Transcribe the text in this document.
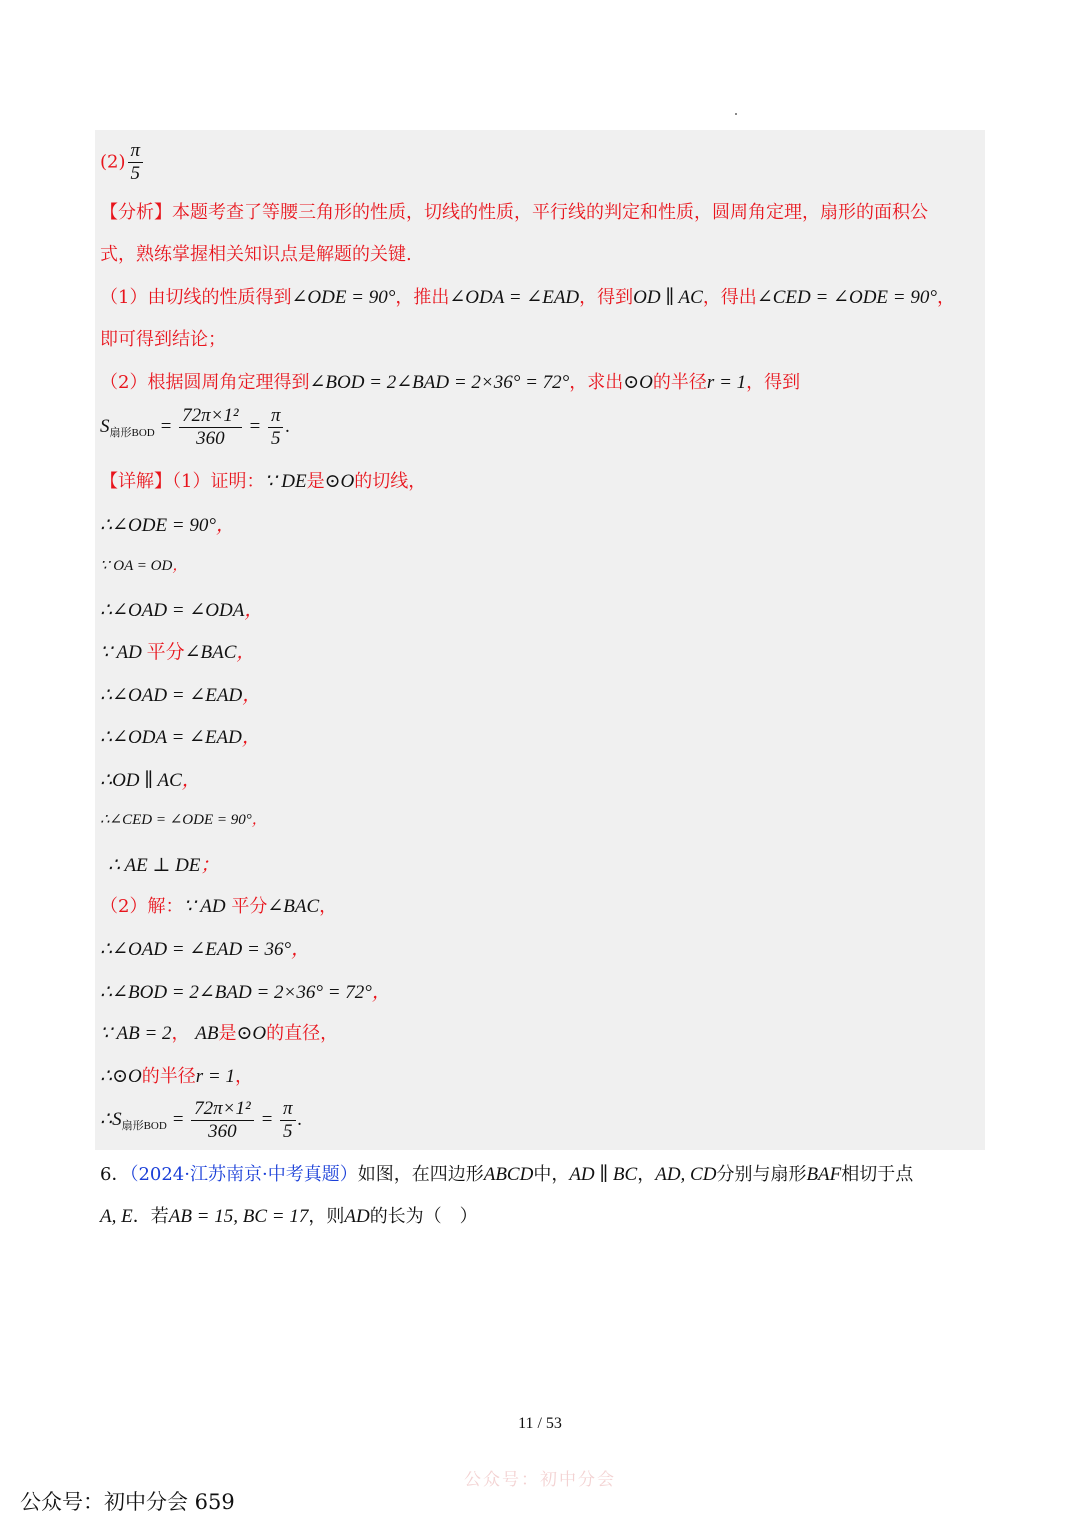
$(2) \frac{\pi}{5}$
【分析】本题考查了等腰三角形的性质，切线的性质，平行线的判定和性质，圆周角定理，扇形的面积公
式，熟练掌握相关知识点是解题的关键.
（1）由切线的性质得到∠ODE = 90°，推出∠ODA = ∠EAD，得到OD ∥ AC，得出∠CED = ∠ODE = 90°，
即可得到结论；
（2）根据圆周角定理得到∠BOD = 2∠BAD = 2×36° = 72°，求出⊙O的半径r = 1，得到
$S_{扇形BOD} = \frac{\text{72π×1²}}{360} = \frac{\pi}{5}$ .
【详解】（1）证明：∵ DE是⊙O的切线，
∴∠ODE = 90°，
∵ OA = OD，
∴∠OAD = ∠ODA，
∵ AD 平分∠BAC，
∴∠OAD = ∠EAD，
∴∠ODA = ∠EAD，
∴OD ∥ AC，
∴∠CED = ∠ODE = 90°，
∴ AE ⊥ DE；
（2）解：∵ AD 平分∠BAC，
∴∠OAD = ∠EAD = 36°，
∴∠BOD = 2∠BAD = 2×36° = 72°，
∵ AB = 2， AB是⊙O的直径，
∴⊙O的半径r = 1，
$\therefore S_{扇形BOD} = \frac{\text{72π×1²}}{360} = \frac{\pi}{5}$ .
6．（2024·江苏南京·中考真题）如图，在四边形ABCD中，AD ∥ BC，AD, CD分别与扇形BAF相切于点
A, E．若AB = 15, BC = 17，则AD的长为（　）
11 / 53
公众号：初中分会
公众号：初中分会 659
